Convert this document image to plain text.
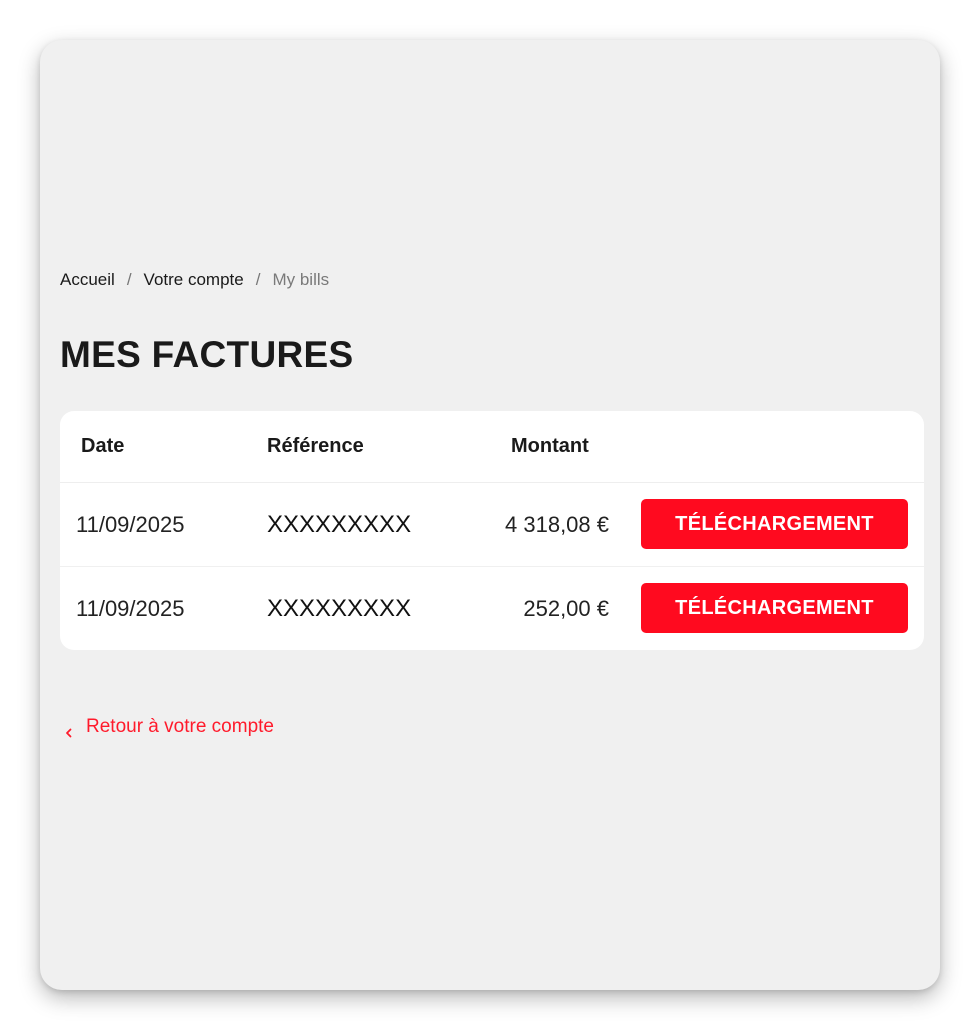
Accueil / Votre compte / My bills
MES FACTURES
Date	Référence	Montant
11/09/2025	XXXXXXXXX	4 318,08 €	TÉLÉCHARGEMENT
11/09/2025	XXXXXXXXX	252,00 €	TÉLÉCHARGEMENT
Retour à votre compte
